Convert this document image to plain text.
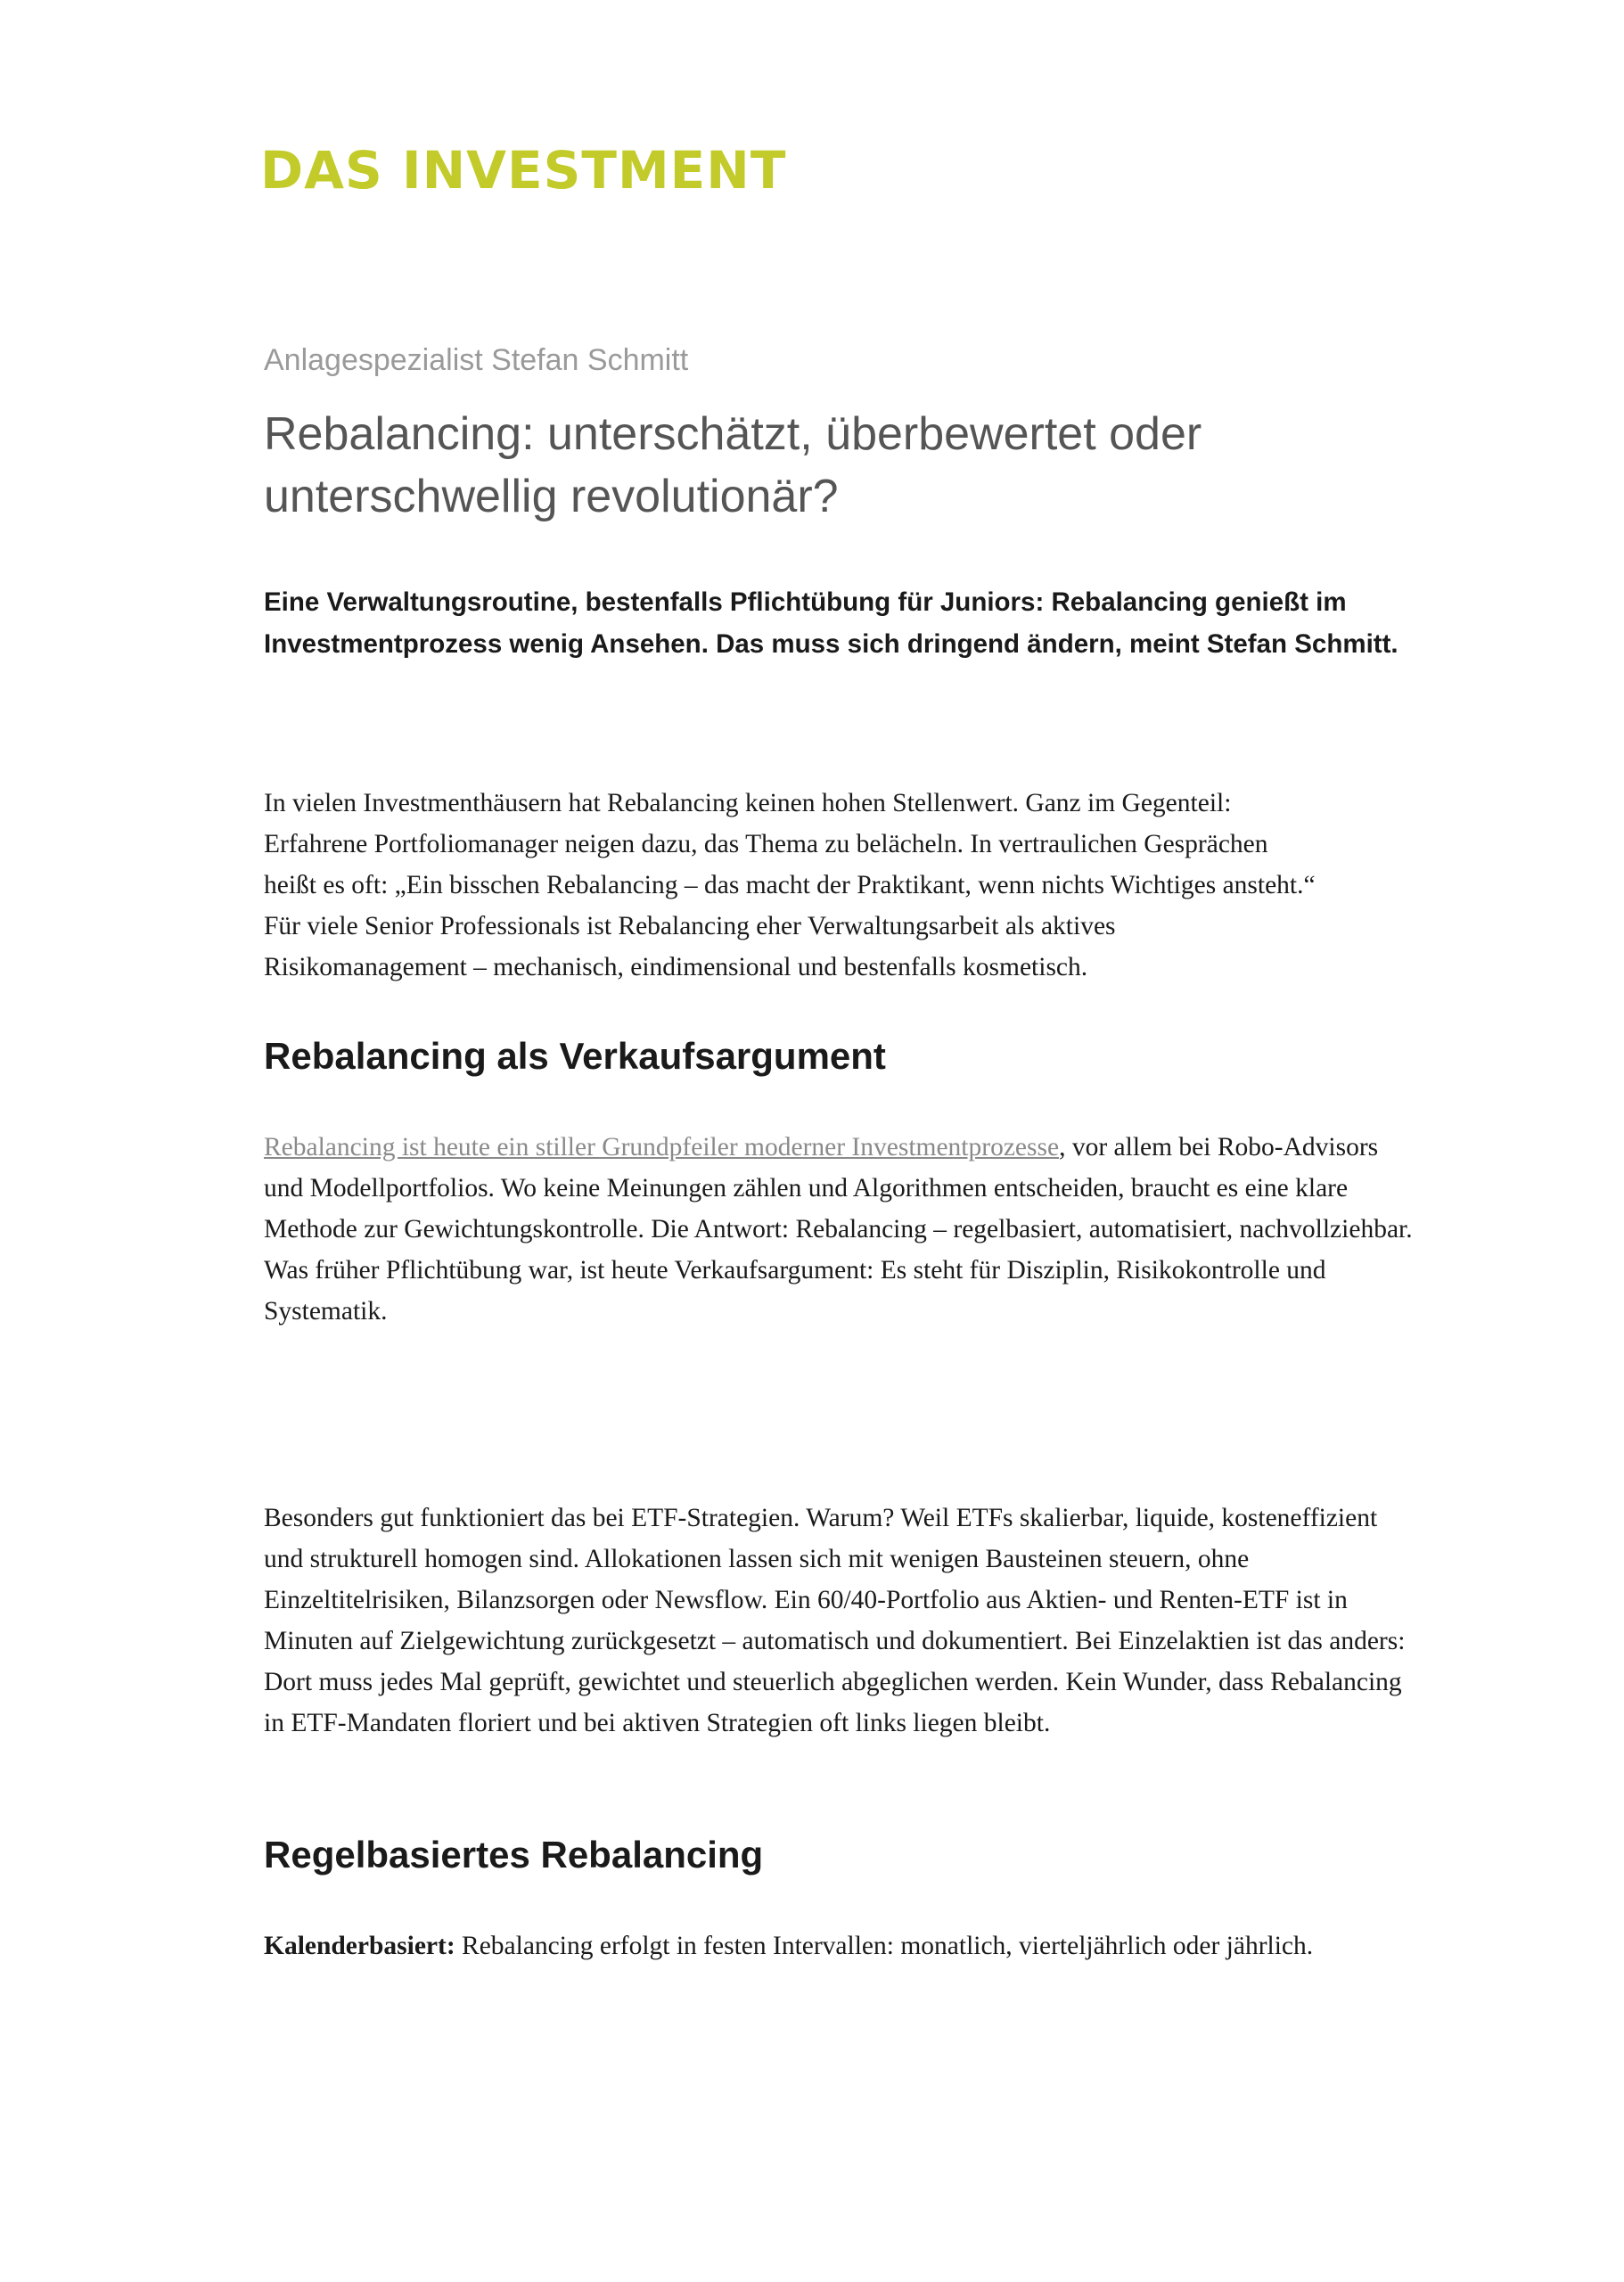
DAS INVESTMENT
Anlagespezialist Stefan Schmitt
Rebalancing: unterschätzt, überbewertet oder
unterschwellig revolutionär?

Eine Verwaltungsroutine, bestenfalls Pflichtübung für Juniors: Rebalancing genießt im Investmentprozess wenig Ansehen. Das muss sich dringend ändern, meint Stefan Schmitt.

In vielen Investmenthäusern hat Rebalancing keinen hohen Stellenwert. Ganz im Gegenteil:
Erfahrene Portfoliomanager neigen dazu, das Thema zu belächeln. In vertraulichen Gesprächen
heißt es oft: „Ein bisschen Rebalancing – das macht der Praktikant, wenn nichts Wichtiges ansteht.“
Für viele Senior Professionals ist Rebalancing eher Verwaltungsarbeit als aktives
Risikomanagement – mechanisch, eindimensional und bestenfalls kosmetisch.

Rebalancing als Verkaufsargument

Rebalancing ist heute ein stiller Grundpfeiler moderner Investmentprozesse, vor allem bei Robo-Advisors und Modellportfolios. Wo keine Meinungen zählen und Algorithmen entscheiden, braucht es eine klare Methode zur Gewichtungskontrolle. Die Antwort: Rebalancing – regelbasiert, automatisiert, nachvollziehbar. Was früher Pflichtübung war, ist heute Verkaufsargument: Es steht für Disziplin, Risikokontrolle und Systematik.

Besonders gut funktioniert das bei ETF-Strategien. Warum? Weil ETFs skalierbar, liquide, kosteneffizient und strukturell homogen sind. Allokationen lassen sich mit wenigen Bausteinen steuern, ohne Einzeltitelrisiken, Bilanzsorgen oder Newsflow. Ein 60/40-Portfolio aus Aktien- und Renten-ETF ist in Minuten auf Zielgewichtung zurückgesetzt – automatisch und dokumentiert. Bei Einzelaktien ist das anders: Dort muss jedes Mal geprüft, gewichtet und steuerlich abgeglichen werden. Kein Wunder, dass Rebalancing in ETF-Mandaten floriert und bei aktiven Strategien oft links liegen bleibt.

Regelbasiertes Rebalancing

Kalenderbasiert: Rebalancing erfolgt in festen Intervallen: monatlich, vierteljährlich oder jährlich.
